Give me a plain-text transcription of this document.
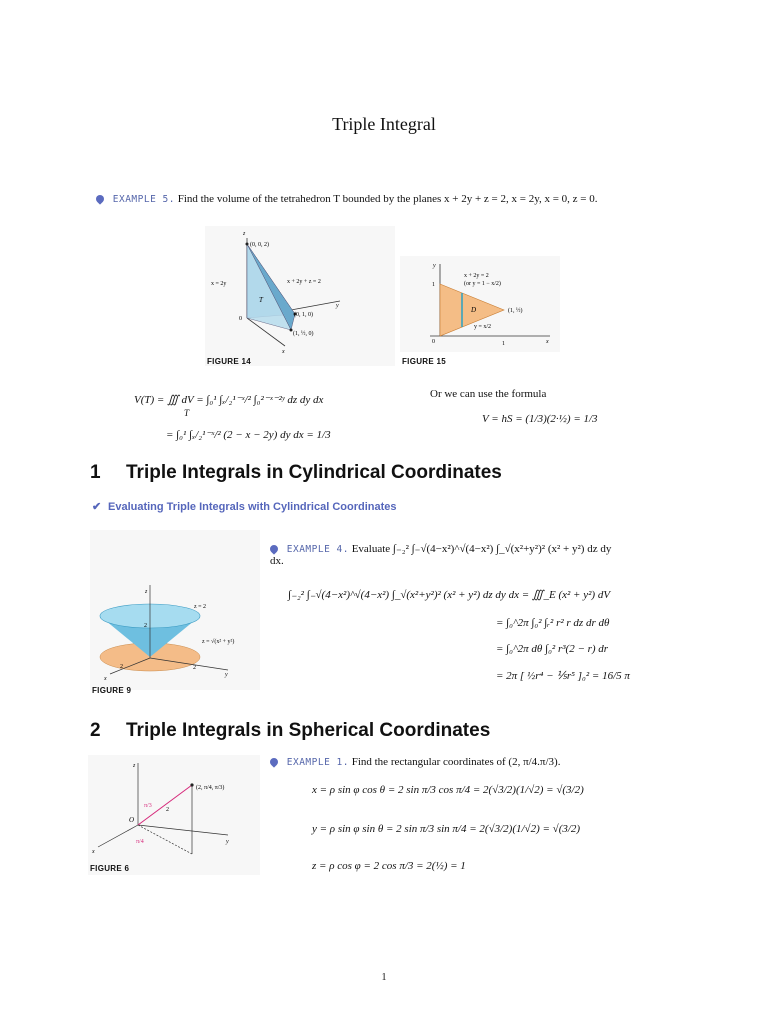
Triple Integral
EXAMPLE 5. Find the volume of the tetrahedron T bounded by the planes x + 2y + z = 2, x = 2y, x = 0, z = 0.
z
(0, 0, 2)
x = 2y	x + 2y + z = 2
T
(0, 1, 0)
0
(1, ½, 0)
y
x
FIGURE 14
y
1
x + 2y = 2
(or y = 1 − x/2)
D	(1, ½)
y = x/2
0	1	x
FIGURE 15
V(T) = ∭ dV = ∫₀¹ ∫ₓ/₂¹⁻ˣ/² ∫₀²⁻ˣ⁻²ʸ dz dy dx
T
= ∫₀¹ ∫ₓ/₂¹⁻ˣ/² (2 − x − 2y) dy dx = 1/3
Or we can use the formula
V = hS = (1/3)(2·½) = 1/3
1 Triple Integrals in Cylindrical Coordinates
✔ Evaluating Triple Integrals with Cylindrical Coordinates
z
z = 2
2
z = √(x² + y²)
x
2	2
y
FIGURE 9
EXAMPLE 4. Evaluate ∫₋₂² ∫₋√(4−x²)^√(4−x²) ∫_√(x²+y²)² (x² + y²) dz dy dx.
∫₋₂² ∫₋√(4−x²)^√(4−x²) ∫_√(x²+y²)² (x² + y²) dz dy dx = ∭_E (x² + y²) dV
= ∫₀^2π ∫₀² ∫ᵣ² r² r dz dr dθ
= ∫₀^2π dθ ∫₀² r³(2 − r) dr
= 2π [ ½r⁴ − ⅕r⁵ ]₀² = 16/5 π
2 Triple Integrals in Spherical Coordinates
z
(2, π/4, π/3)
π/3
2
O
π/4
x
y
FIGURE 6
EXAMPLE 1. Find the rectangular coordinates of (2, π/4.π/3).
x = ρ sin φ cos θ = 2 sin π/3 cos π/4 = 2(√3/2)(1/√2) = √(3/2)
y = ρ sin φ sin θ = 2 sin π/3 sin π/4 = 2(√3/2)(1/√2) = √(3/2)
z = ρ cos φ = 2 cos π/3 = 2(½) = 1
1
